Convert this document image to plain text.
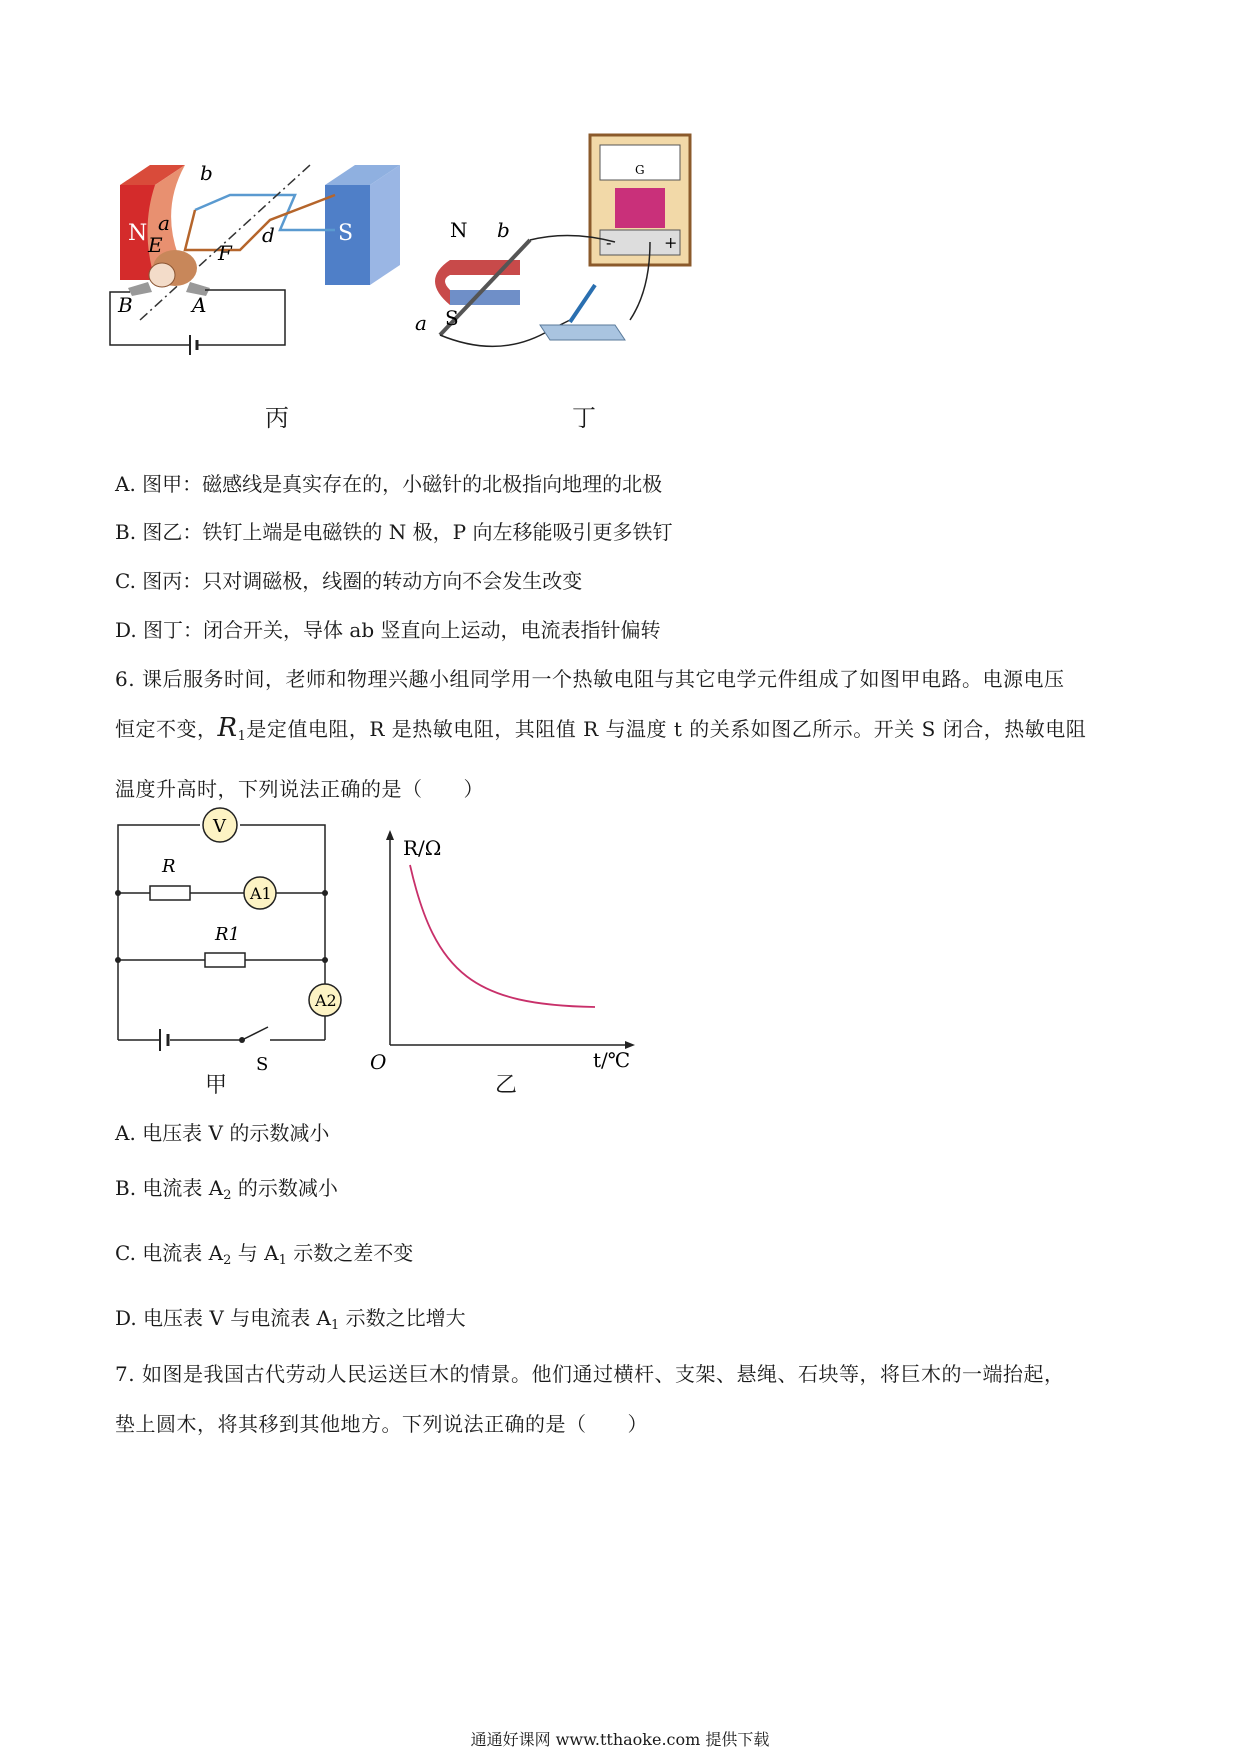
N	S
a
b
d
E	F
B	A
丙
G
-	+
N
S
a
b
丁
A. 图甲：磁感线是真实存在的，小磁针的北极指向地理的北极
B. 图乙：铁钉上端是电磁铁的 N 极，P 向左移能吸引更多铁钉
C. 图丙：只对调磁极，线圈的转动方向不会发生改变
D. 图丁：闭合开关，导体 ab 竖直向上运动，电流表指针偏转
6. 课后服务时间，老师和物理兴趣小组同学用一个热敏电阻与其它电学元件组成了如图甲电路。电源电压
恒定不变，$R_1$是定值电阻，R 是热敏电阻，其阻值 R 与温度 t 的关系如图乙所示。开关 S 闭合，热敏电阻
温度升高时，下列说法正确的是（　　）
V
A1
A2
R
R1
S
甲
R/Ω
O	t/℃
乙
A. 电压表 V 的示数减小
B. 电流表 $A_2$ 的示数减小
C. 电流表 $A_2$ 与 $A_1$ 示数之差不变
D. 电压表 V 与电流表 $A_1$ 示数之比增大
7. 如图是我国古代劳动人民运送巨木的情景。他们通过横杆、支架、悬绳、石块等，将巨木的一端抬起，
垫上圆木，将其移到其他地方。下列说法正确的是（　　）
通通好课网 www.tthaoke.com 提供下载
